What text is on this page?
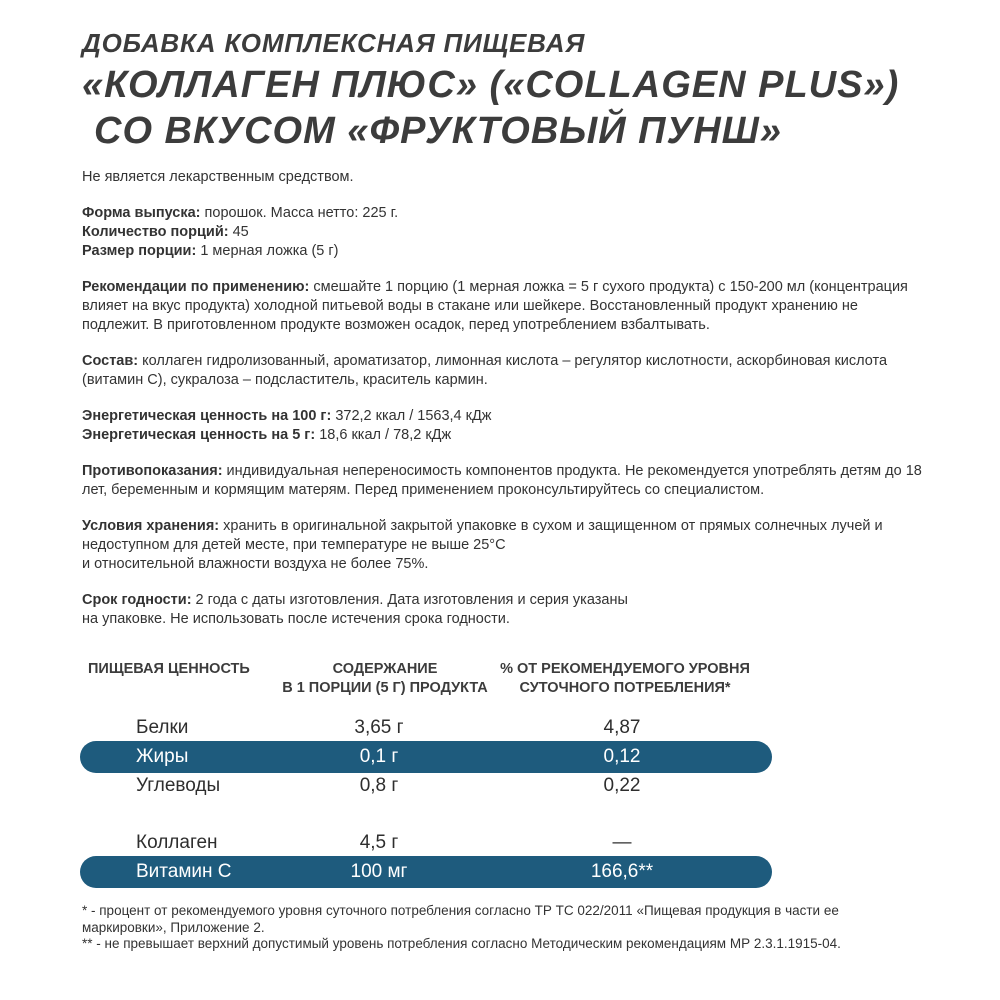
ДОБАВКА КОМПЛЕКСНАЯ ПИЩЕВАЯ
«КОЛЛАГЕН ПЛЮС» («COLLAGEN PLUS»)
СО ВКУСОМ «ФРУКТОВЫЙ ПУНШ»

Не является лекарственным средством.

Форма выпуска: порошок. Масса нетто: 225 г.

Количество порций: 45

Размер порции: 1 мерная ложка (5 г)

Рекомендации по применению: смешайте 1 порцию (1 мерная ложка = 5 г сухого продукта) с 150-200 мл (концентрация влияет на вкус продукта) холодной питьевой воды в стакане или шейкере. Восстановленный продукт хранению не подлежит. В приготовленном продукте возможен осадок, перед употреблением взбалтывать.

Состав: коллаген гидролизованный, ароматизатор, лимонная кислота – регулятор кислотности, аскорбиновая кислота (витамин С), сукралоза – подсластитель, краситель кармин.

Энергетическая ценность на 100 г: 372,2 ккал / 1563,4 кДж

Энергетическая ценность на 5 г: 18,6 ккал / 78,2 кДж

Противопоказания: индивидуальная непереносимость компонентов продукта. Не рекомендуется употреблять детям до 18 лет, беременным и кормящим матерям. Перед применением проконсультируйтесь со специалистом.

Условия хранения: хранить в оригинальной закрытой упаковке в сухом и защищенном от прямых солнечных лучей и недоступном для детей месте, при температуре не выше 25°С

и относительной влажности воздуха не более 75%.

Срок годности: 2 года с даты изготовления. Дата изготовления и серия указаны

на упаковке. Не использовать после истечения срока годности.

ПИЩЕВАЯ ЦЕННОСТЬ	СОДЕРЖАНИЕ
В 1 ПОРЦИИ (5 Г) ПРОДУКТА
% ОТ РЕКОМЕНДУЕМОГО УРОВНЯ
СУТОЧНОГО ПОТРЕБЛЕНИЯ*
Белки	3,65 г	4,87
Жиры	0,1 г	0,12
Углеводы	0,8 г	0,22
Коллаген	4,5 г	—
Витамин С	100 мг	166,6**

* - процент от рекомендуемого уровня суточного потребления согласно ТР ТС 022/2011 «Пищевая продукция в части ее маркировки», Приложение 2.

** - не превышает верхний допустимый уровень потребления согласно Методическим рекомендациям МР 2.3.1.1915-04.
